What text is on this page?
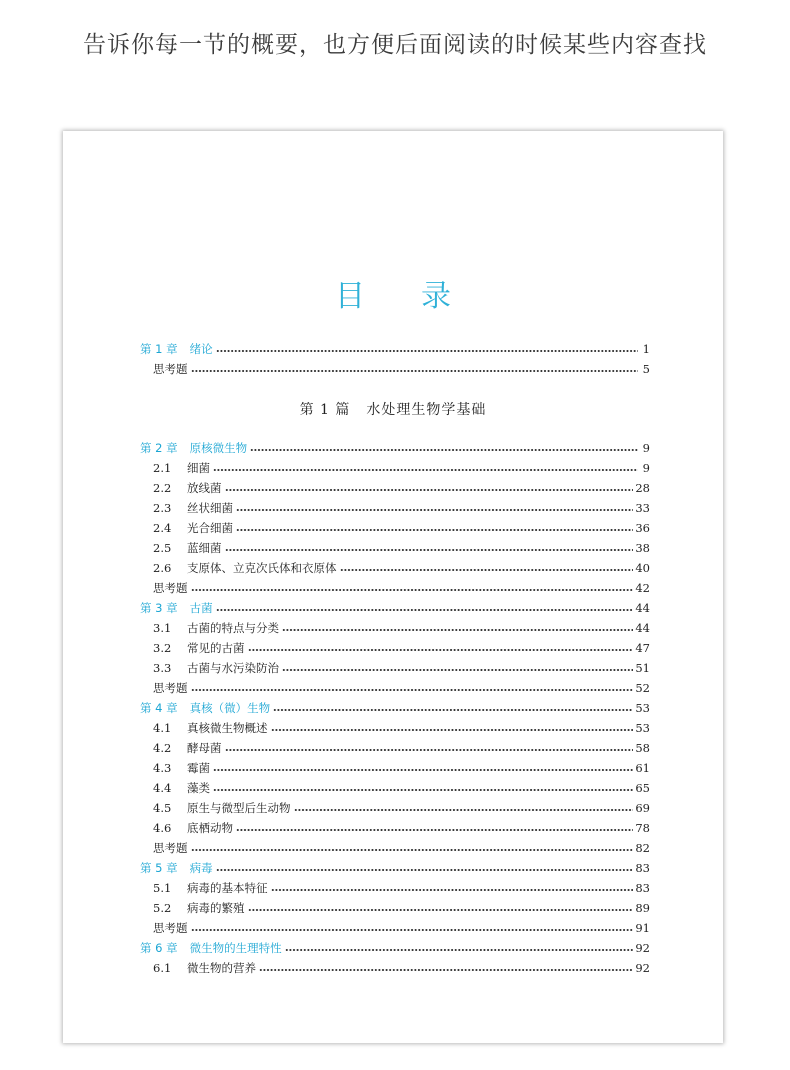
告诉你每一节的概要，也方便后面阅读的时候某些内容查找
目 录
第 1 篇 水处理生物学基础
第 1 章 绪论	1
思考题	5
第 2 章 原核微生物	9
2.1	细菌	9
2.2	放线菌	28
2.3	丝状细菌	33
2.4	光合细菌	36
2.5	蓝细菌	38
2.6	支原体、立克次氏体和衣原体	40
思考题	42
第 3 章 古菌	44
3.1	古菌的特点与分类	44
3.2	常见的古菌	47
3.3	古菌与水污染防治	51
思考题	52
第 4 章 真核（微）生物	53
4.1	真核微生物概述	53
4.2	酵母菌	58
4.3	霉菌	61
4.4	藻类	65
4.5	原生与微型后生动物	69
4.6	底栖动物	78
思考题	82
第 5 章 病毒	83
5.1	病毒的基本特征	83
5.2	病毒的繁殖	89
思考题	91
第 6 章 微生物的生理特性	92
6.1	微生物的营养	92
